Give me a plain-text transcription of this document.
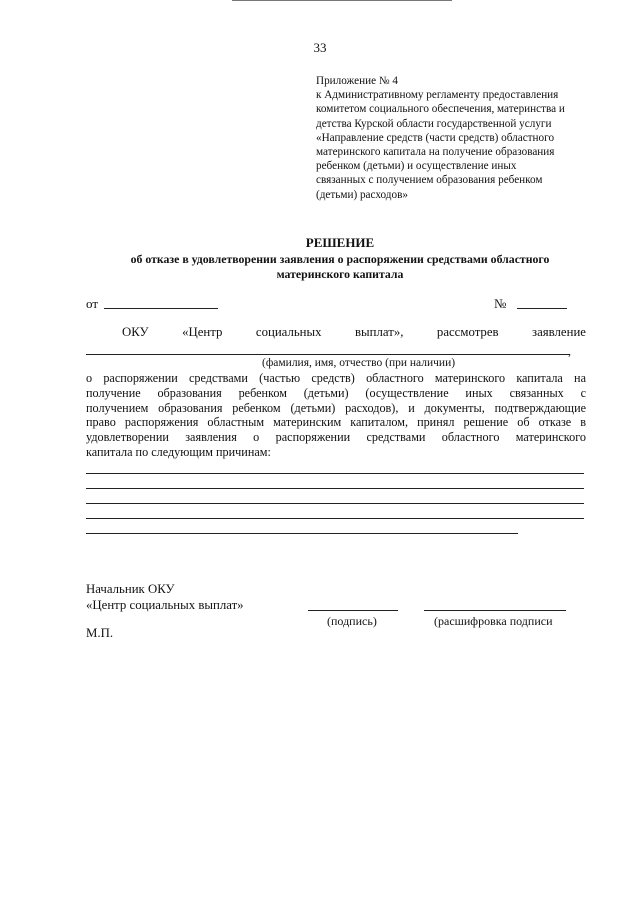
33
Приложение № 4
к Административному регламенту предоставления
комитетом социального обеспечения, материнства и
детства Курской области государственной услуги
«Направление средств (части средств) областного
материнского капитала на получение образования
ребенком (детьми) и осуществление иных
связанных с получением образования ребенком
(детьми) расходов»
РЕШЕНИЕ
об отказе в удовлетворении заявления о распоряжении средствами областного
материнского капитала
от	№
ОКУ	«Центр	социальных	выплат»,	рассмотрев	заявление
,
(фамилия, имя, отчество (при наличии)
о распоряжении средствами (частью средств) областного материнского капитала на
получение образования ребенком (детьми) (осуществление иных связанных с
получением образования ребенком (детьми) расходов), и документы, подтверждающие
право распоряжения областным материнским капиталом, принял решение об отказе в
удовлетворении заявления о распоряжении средствами областного материнского
капитала по следующим причинам:
Начальник ОКУ
«Центр социальных выплат»
(подпись)	(расшифровка подписи
М.П.
